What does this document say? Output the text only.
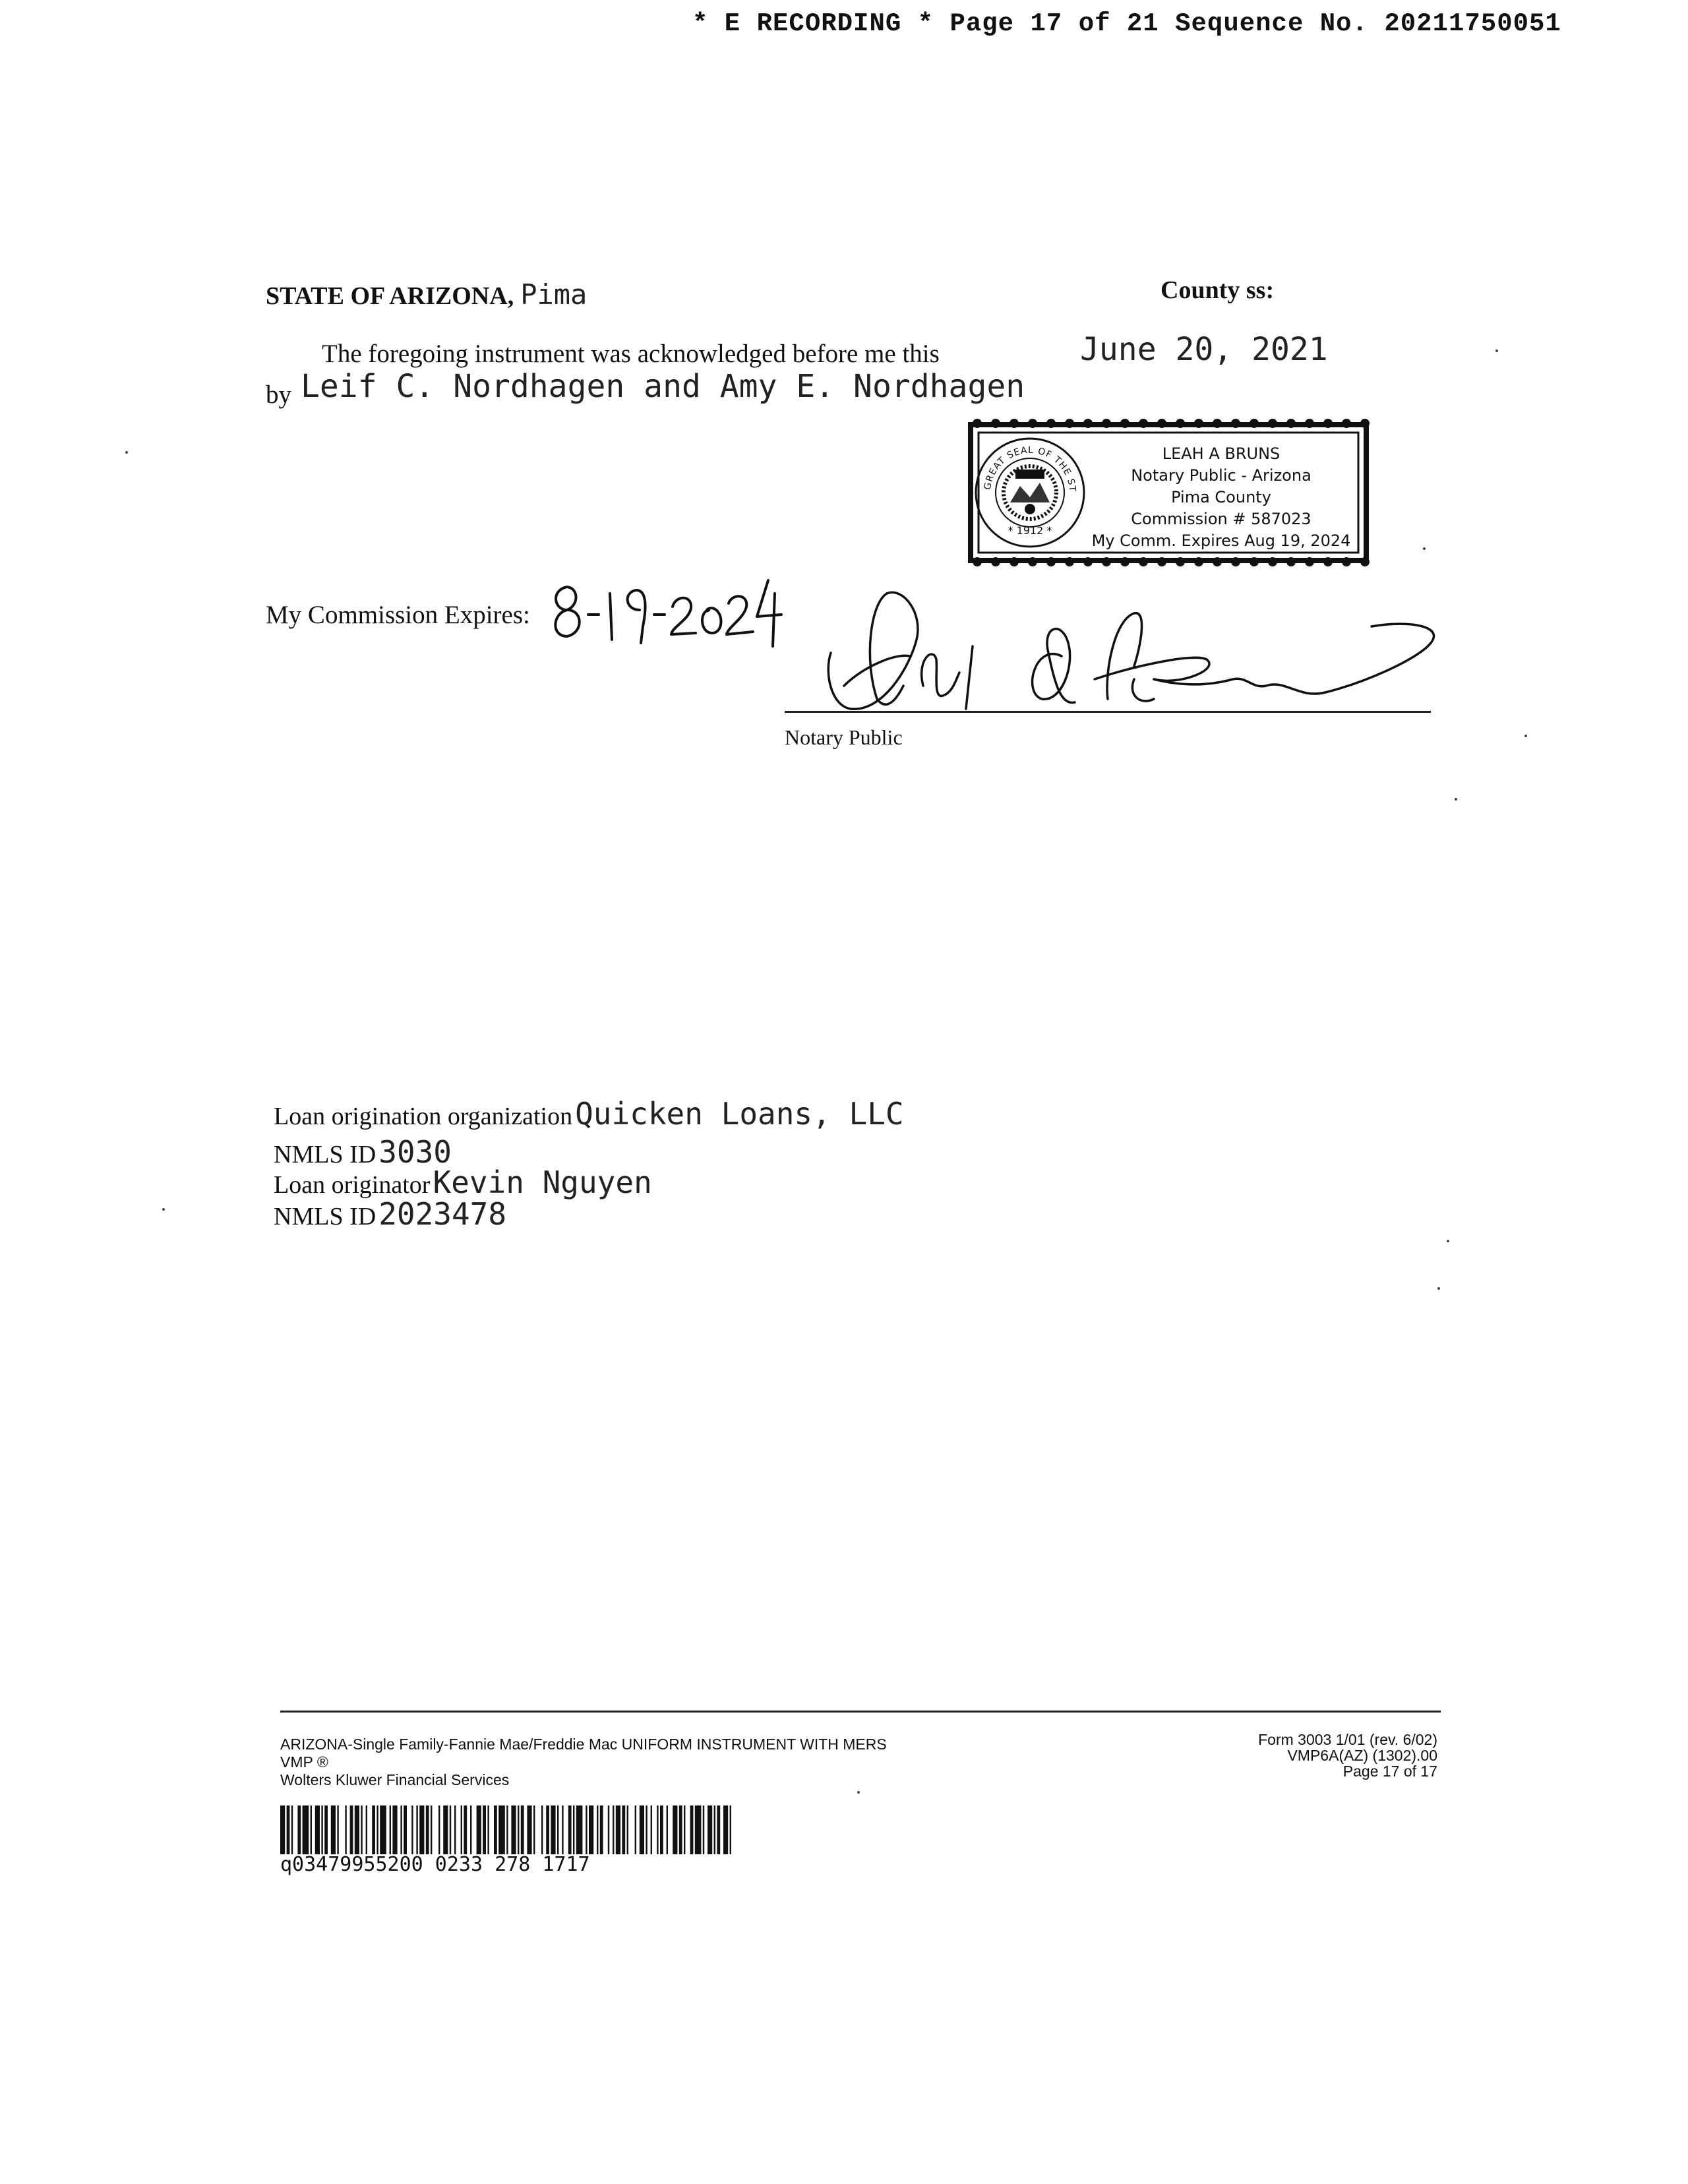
* E RECORDING * Page 17 of 21 Sequence No. 20211750051
STATE OF ARIZONA, Pima	County ss:
The foregoing instrument was acknowledged before me this	June 20, 2021
by Leif C. Nordhagen and Amy E. Nordhagen
* 1912 *
GREAT SEAL OF THE ST
LEAH A BRUNS
Notary Public - Arizona
Pima County
Commission # 587023
My Comm. Expires Aug 19, 2024
My Commission Expires:
Notary Public
Loan origination organization Quicken Loans, LLC
NMLS ID 3030
Loan originator Kevin Nguyen
NMLS ID 2023478
ARIZONA-Single Family-Fannie Mae/Freddie Mac UNIFORM INSTRUMENT WITH MERS
VMP ®
Wolters Kluwer Financial Services
Form 3003 1/01 (rev. 6/02)
VMP6A(AZ) (1302).00
Page 17 of 17
q03479955200 0233 278 1717
